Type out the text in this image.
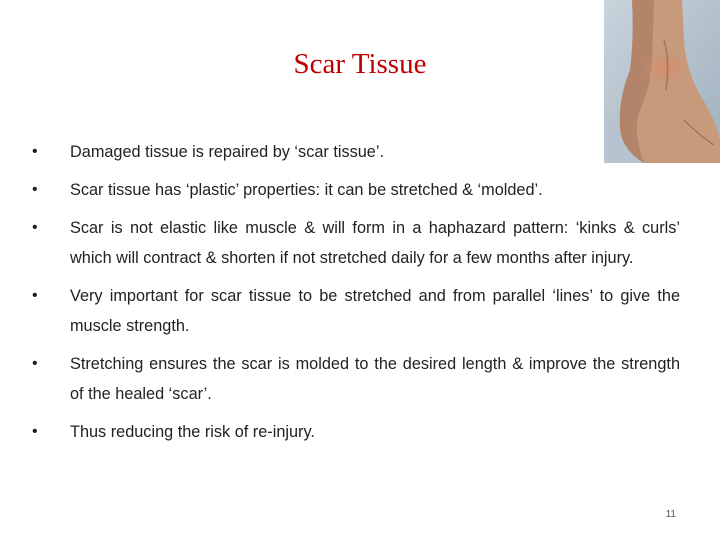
Scar Tissue
• Damaged tissue is repaired by ‘scar tissue’.
• Scar tissue has ‘plastic’ properties: it can be stretched & ‘molded’.
• Scar is not elastic like muscle & will form in a haphazard pattern: ‘kinks & curls’ which will contract & shorten if not stretched daily for a few months after injury.
• Very important for scar tissue to be stretched and from parallel ‘lines’ to give the muscle strength.
• Stretching ensures the scar is molded to the desired length & improve the strength of the healed ‘scar’.
• Thus reducing the risk of re-injury.
11
